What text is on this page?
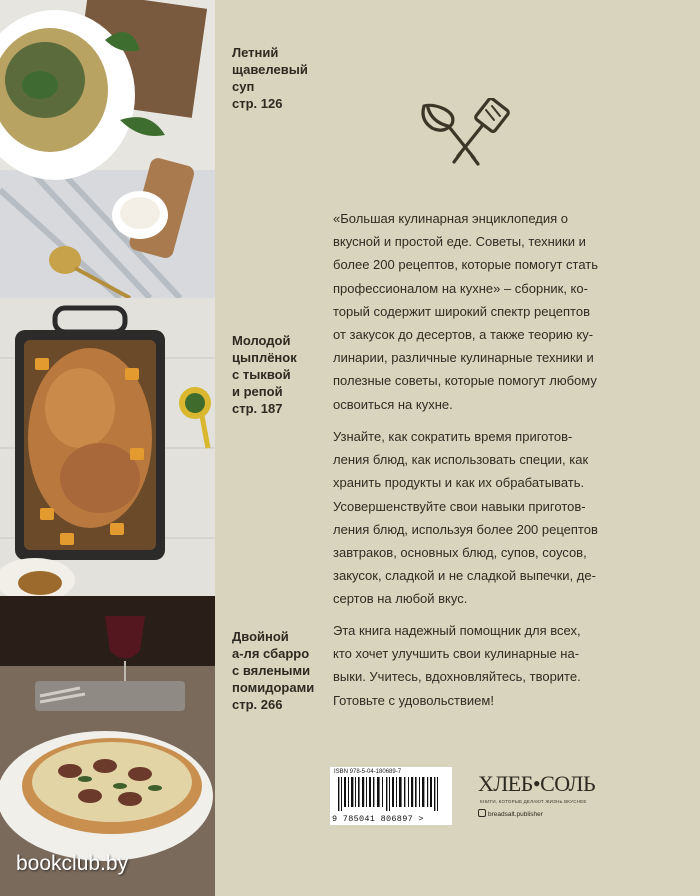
Летний
щавелевый
суп
стр. 126
Молодой
цыплёнок
с тыквой
и репой
стр. 187
Двойной
а-ля сбарро
с вялеными
помидорами
стр. 266
«Большая кулинарная энциклопедия о
вкусной и простой еде. Советы, техники и
более 200 рецептов, которые помогут стать
профессионалом на кухне» – сборник, ко-
торый содержит широкий спектр рецептов
от закусок до десертов, а также теорию ку-
линарии, различные кулинарные техники и
полезные советы, которые помогут любому
освоиться на кухне.
Узнайте, как сократить время приготов-
ления блюд, как использовать специи, как
хранить продукты и как их обрабатывать.
Усовершенствуйте свои навыки приготов-
ления блюд, используя более 200 рецептов
завтраков, основных блюд, супов, соусов,
закусок, сладкой и не сладкой выпечки, де-
сертов на любой вкус.
Эта книга надежный помощник для всех,
кто хочет улучшить свои кулинарные на-
выки. Учитесь, вдохновляйтесь, творите.
Готовьте с удовольствием!
ISBN 978-5-04-180689-7
9 785041 806897 >
ХЛЕБ•СОЛЬ
КНИГИ, КОТОРЫЕ ДЕЛАЮТ ЖИЗНЬ ВКУСНЕЕ
breadsalt.publisher
bookclub.by
